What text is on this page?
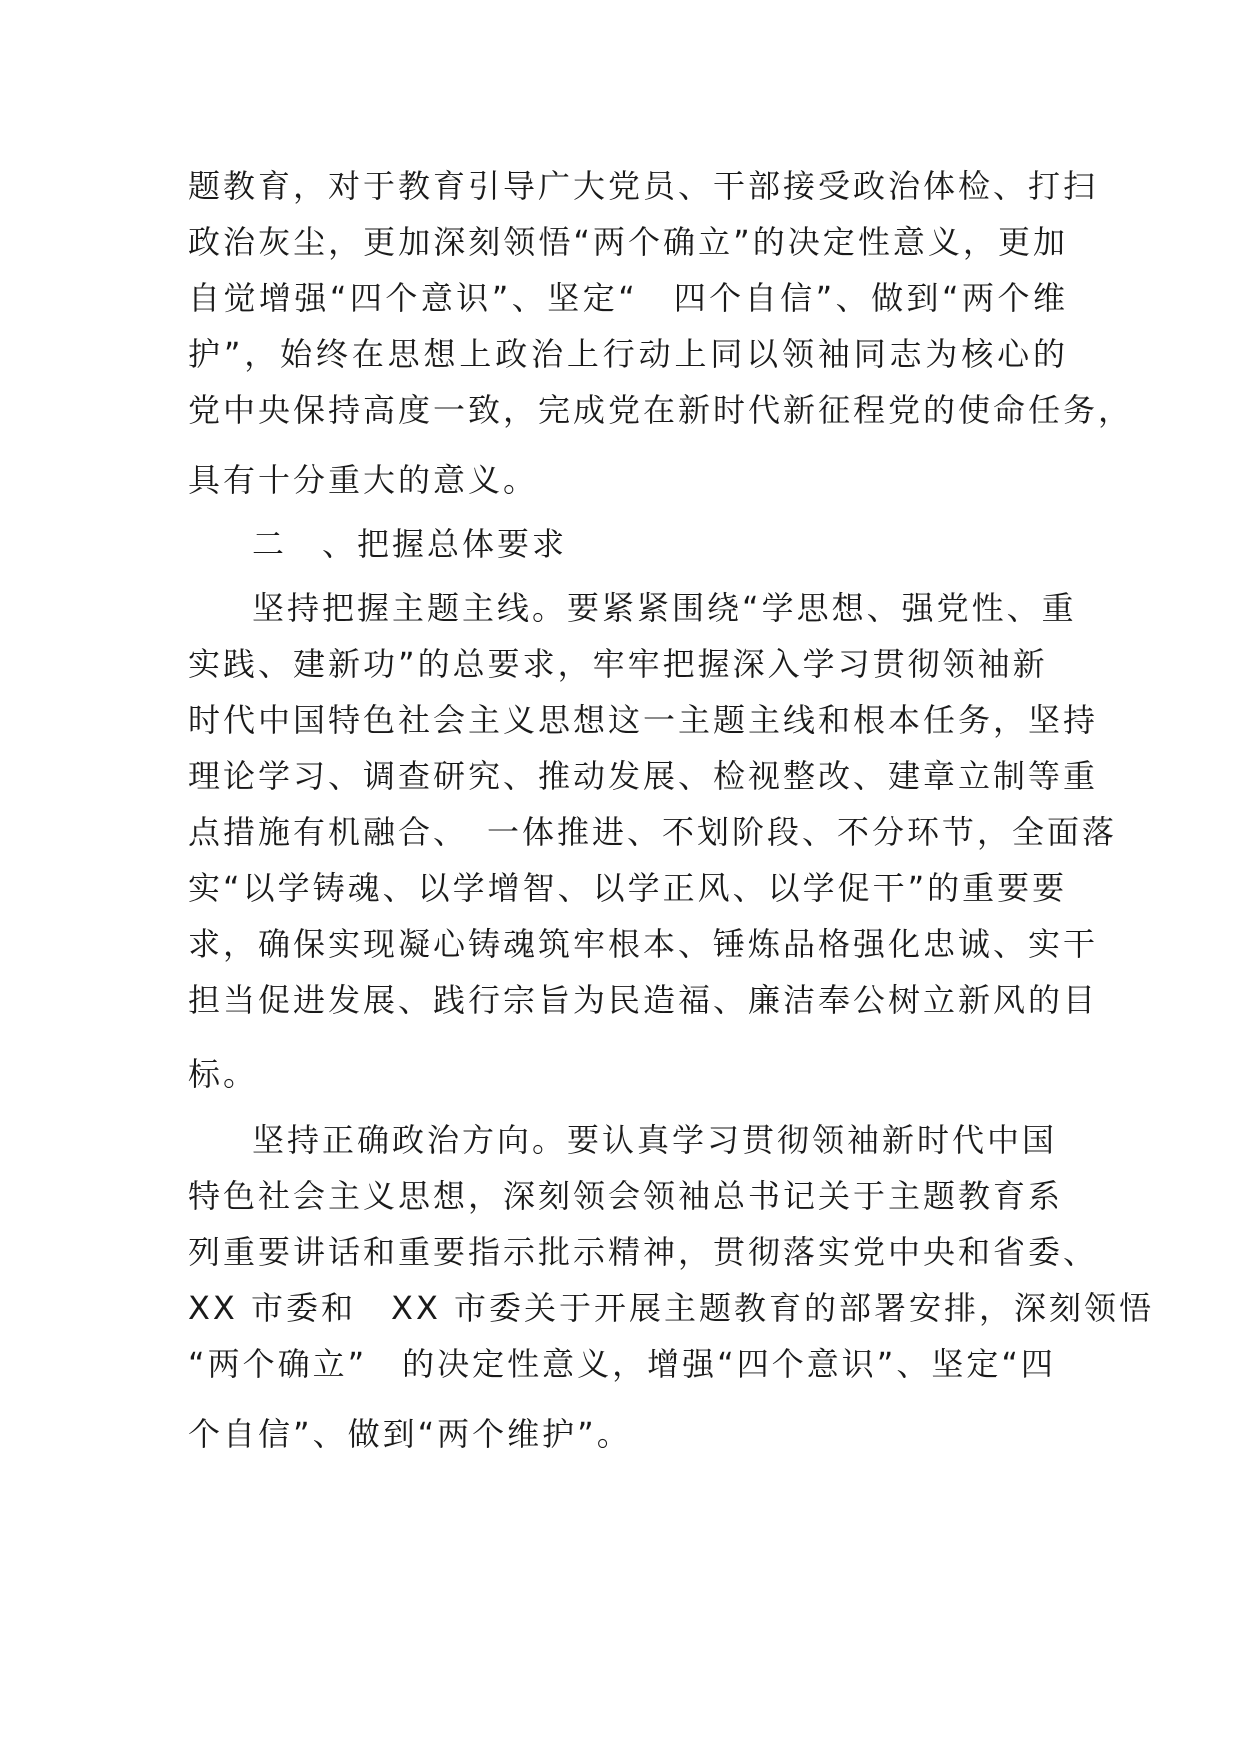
题教育，对于教育引导广大党员、干部接受政治体检、打扫
政治灰尘，更加深刻领悟“两个确立”的决定性意义，更加
自觉增强“四个意识”、坚定“　四个自信”、做到“两个维
护”，始终在思想上政治上行动上同以领袖同志为核心的
党中央保持高度一致，完成党在新时代新征程党的使命任务，
具有十分重大的意义。
二　、把握总体要求
坚持把握主题主线。要紧紧围绕“学思想、强党性、重
实践、建新功”的总要求，牢牢把握深入学习贯彻领袖新
时代中国特色社会主义思想这一主题主线和根本任务，坚持
理论学习、调查研究、推动发展、检视整改、建章立制等重
点措施有机融合、　一体推进、不划阶段、不分环节，全面落
实“以学铸魂、以学增智、以学正风、以学促干”的重要要
求，确保实现凝心铸魂筑牢根本、锤炼品格强化忠诚、实干
担当促进发展、践行宗旨为民造福、廉洁奉公树立新风的目
标。
坚持正确政治方向。要认真学习贯彻领袖新时代中国
特色社会主义思想，深刻领会领袖总书记关于主题教育系
列重要讲话和重要指示批示精神，贯彻落实党中央和省委、
XX 市委和　XX 市委关于开展主题教育的部署安排，深刻领悟
“两个确立”　的决定性意义，增强“四个意识”、坚定“四
个自信”、做到“两个维护”。
